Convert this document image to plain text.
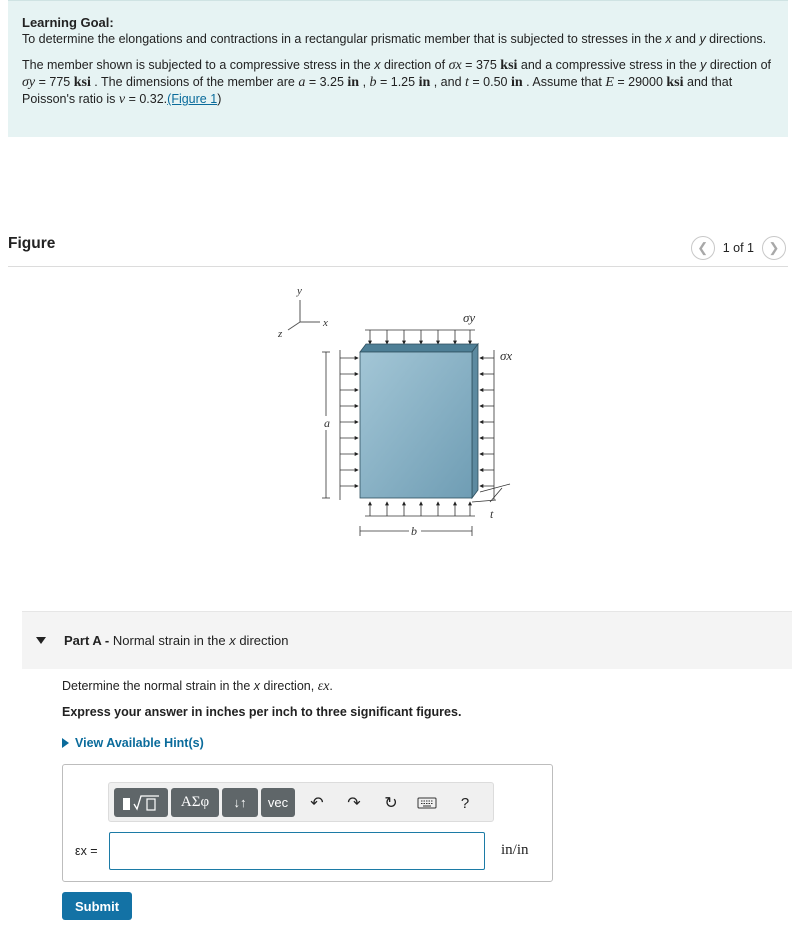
Learning Goal:

To determine the elongations and contractions in a rectangular prismatic member that is subjected to stresses in the x and y directions.

The member shown is subjected to a compressive stress in the x direction of σx = 375 ksi and a compressive stress in the y direction of σy = 775 ksi . The dimensions of the member are a = 3.25 in , b = 1.25 in , and t = 0.50 in . Assume that E = 29000 ksi and that Poisson's ratio is v = 0.32.(Figure 1)

Figure	❮ 1 of 1 ❯
y
x
z
σy
σx
a
b
t
Part A - Normal strain in the x direction
Determine the normal strain in the x direction, εx.
Express your answer in inches per inch to three significant figures.
View Available Hint(s)
ΑΣφ	↓↑	vec	↶	↷	↻	?
εx =	in/in
Submit
